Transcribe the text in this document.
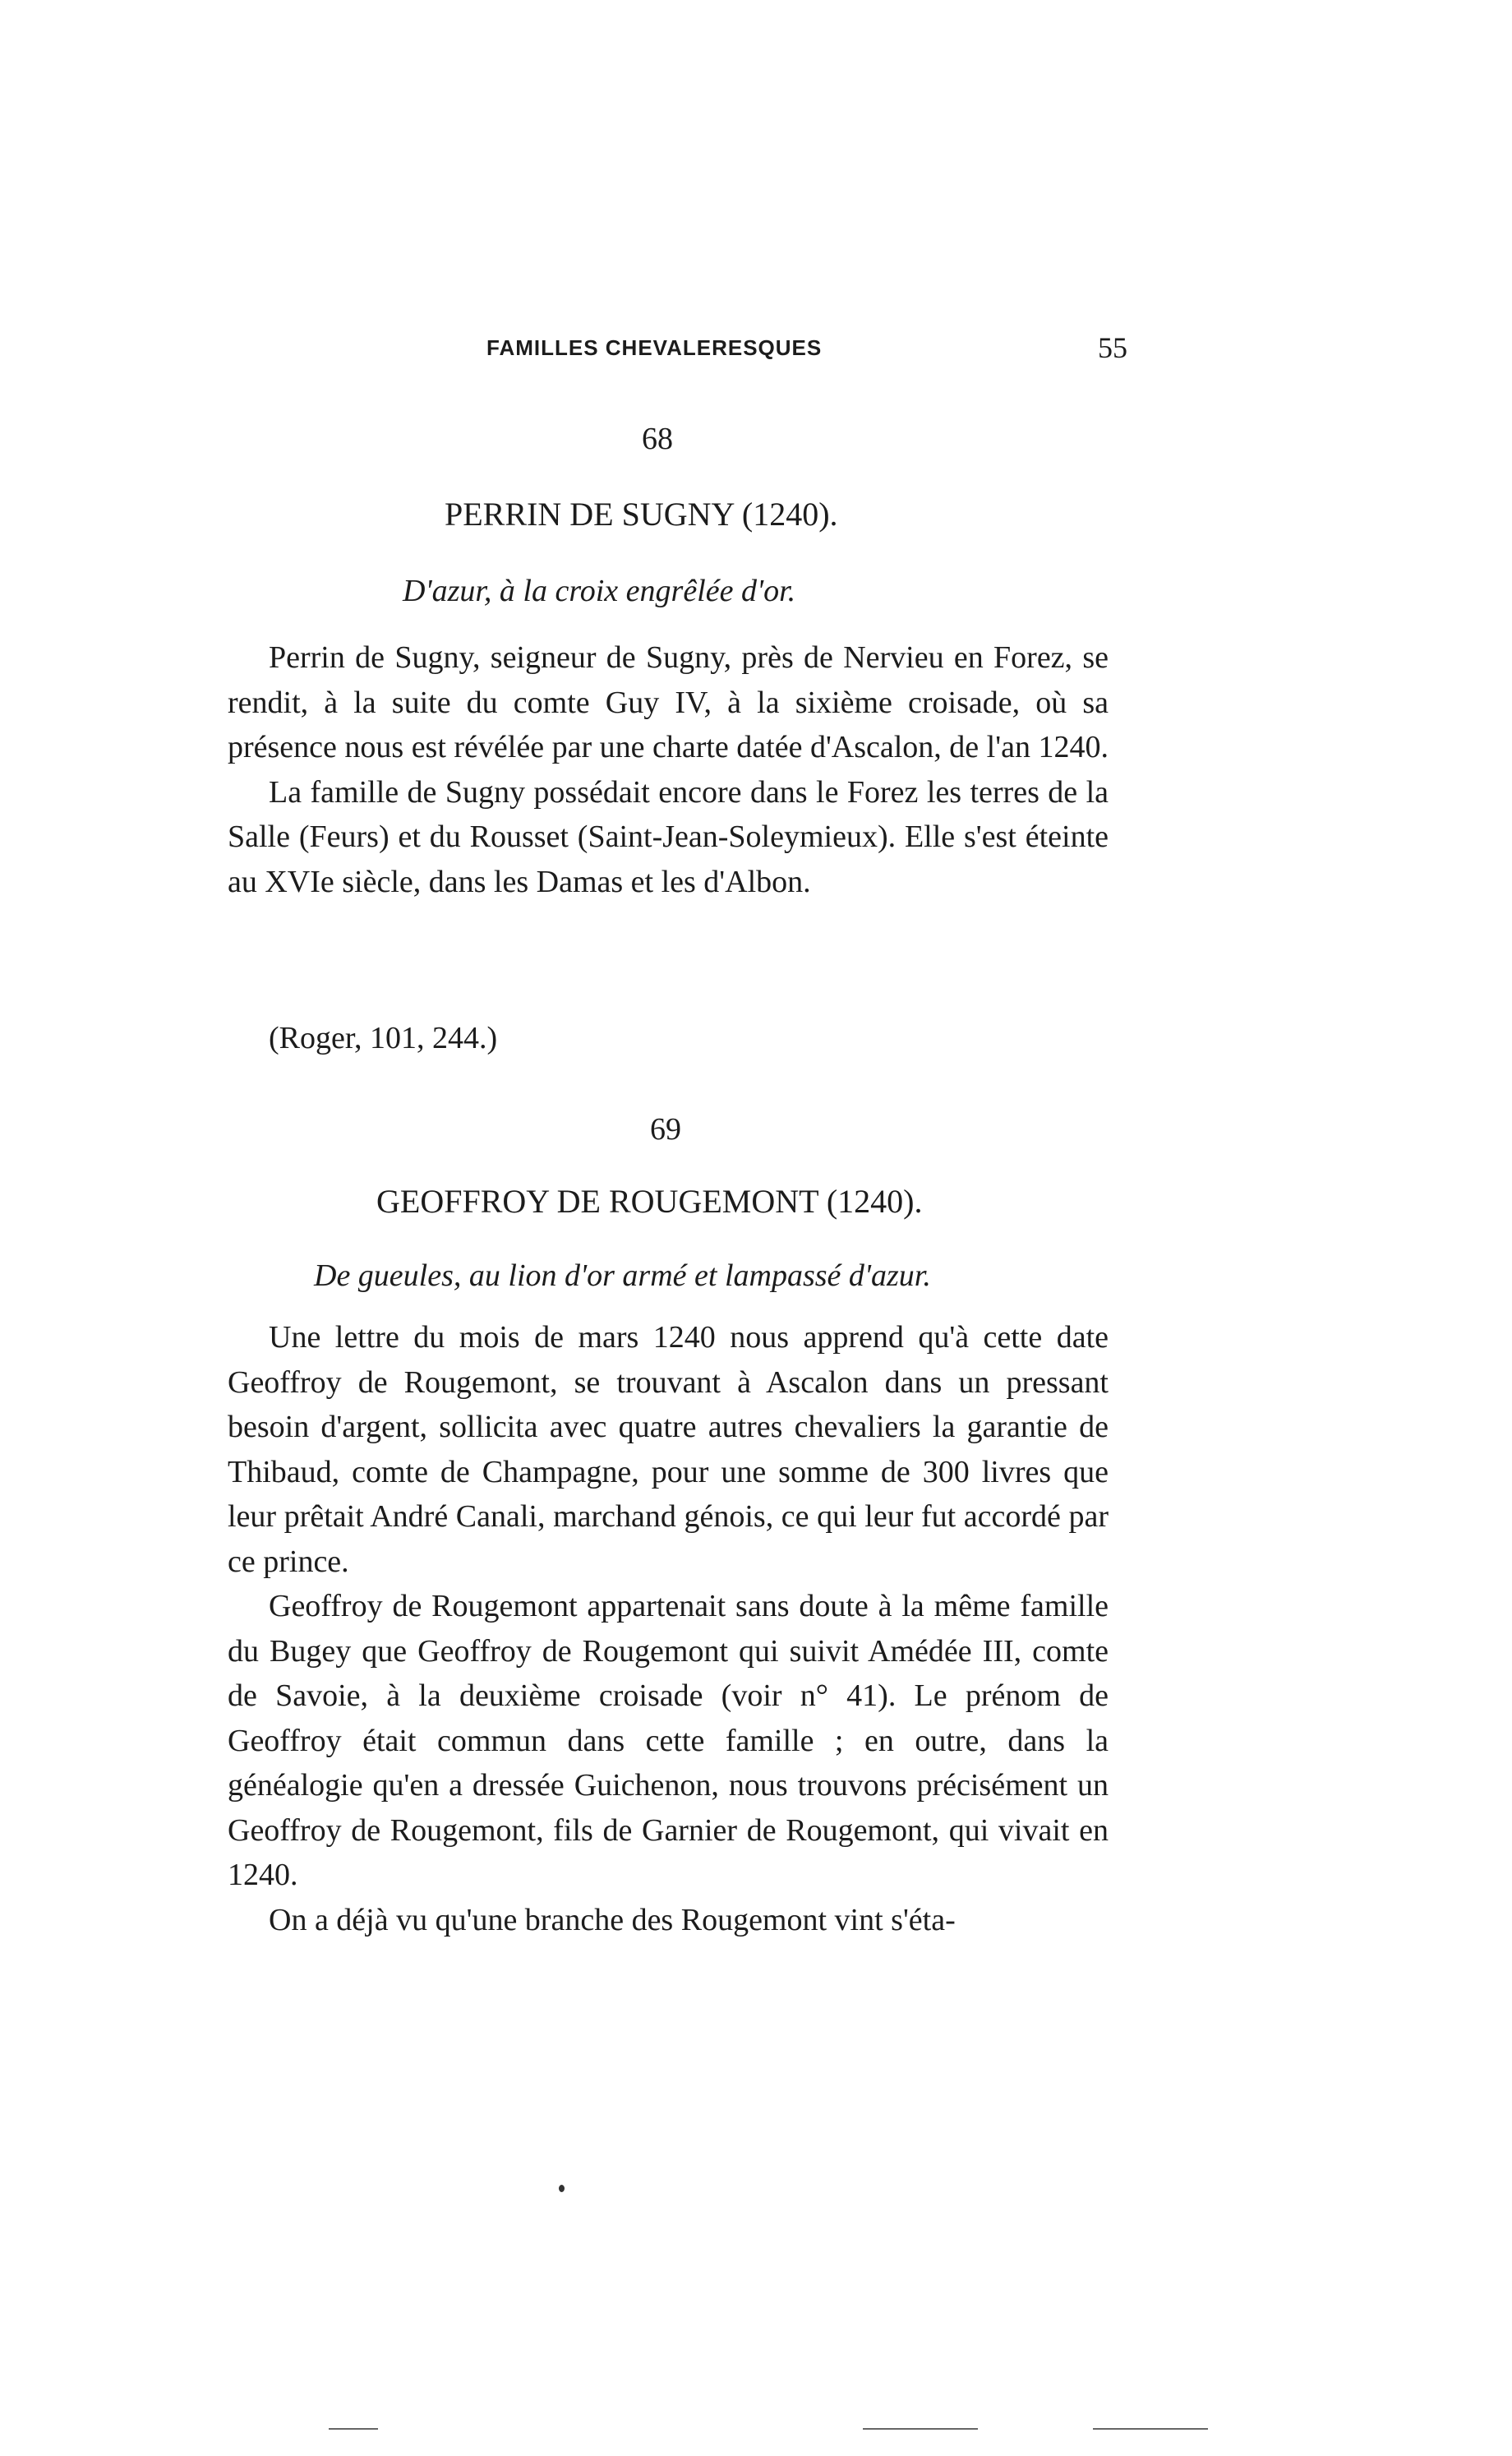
FAMILLES CHEVALERESQUES	55
68
PERRIN DE SUGNY (1240).
D'azur, à la croix engrêlée d'or.

Perrin de Sugny, seigneur de Sugny, près de Nervieu en Forez, se rendit, à la suite du comte Guy IV, à la sixième croisade, où sa présence nous est révélée par une charte datée d'Ascalon, de l'an 1240.

La famille de Sugny possédait encore dans le Forez les terres de la Salle (Feurs) et du Rousset (Saint-Jean-Soleymieux). Elle s'est éteinte au XVIe siècle, dans les Damas et les d'Albon.

(Roger, 101, 244.)
69
GEOFFROY DE ROUGEMONT (1240).
De gueules, au lion d'or armé et lampassé d'azur.

Une lettre du mois de mars 1240 nous apprend qu'à cette date Geoffroy de Rougemont, se trouvant à Ascalon dans un pressant besoin d'argent, sollicita avec quatre autres chevaliers la garantie de Thibaud, comte de Champagne, pour une somme de 300 livres que leur prêtait André Canali, marchand génois, ce qui leur fut accordé par ce prince.

Geoffroy de Rougemont appartenait sans doute à la même famille du Bugey que Geoffroy de Rougemont qui suivit Amédée III, comte de Savoie, à la deuxième croisade (voir n° 41). Le prénom de Geoffroy était commun dans cette famille ; en outre, dans la généalogie qu'en a dressée Guichenon, nous trouvons précisément un Geoffroy de Rougemont, fils de Garnier de Rougemont, qui vivait en 1240.

On a déjà vu qu'une branche des Rougemont vint s'éta-
